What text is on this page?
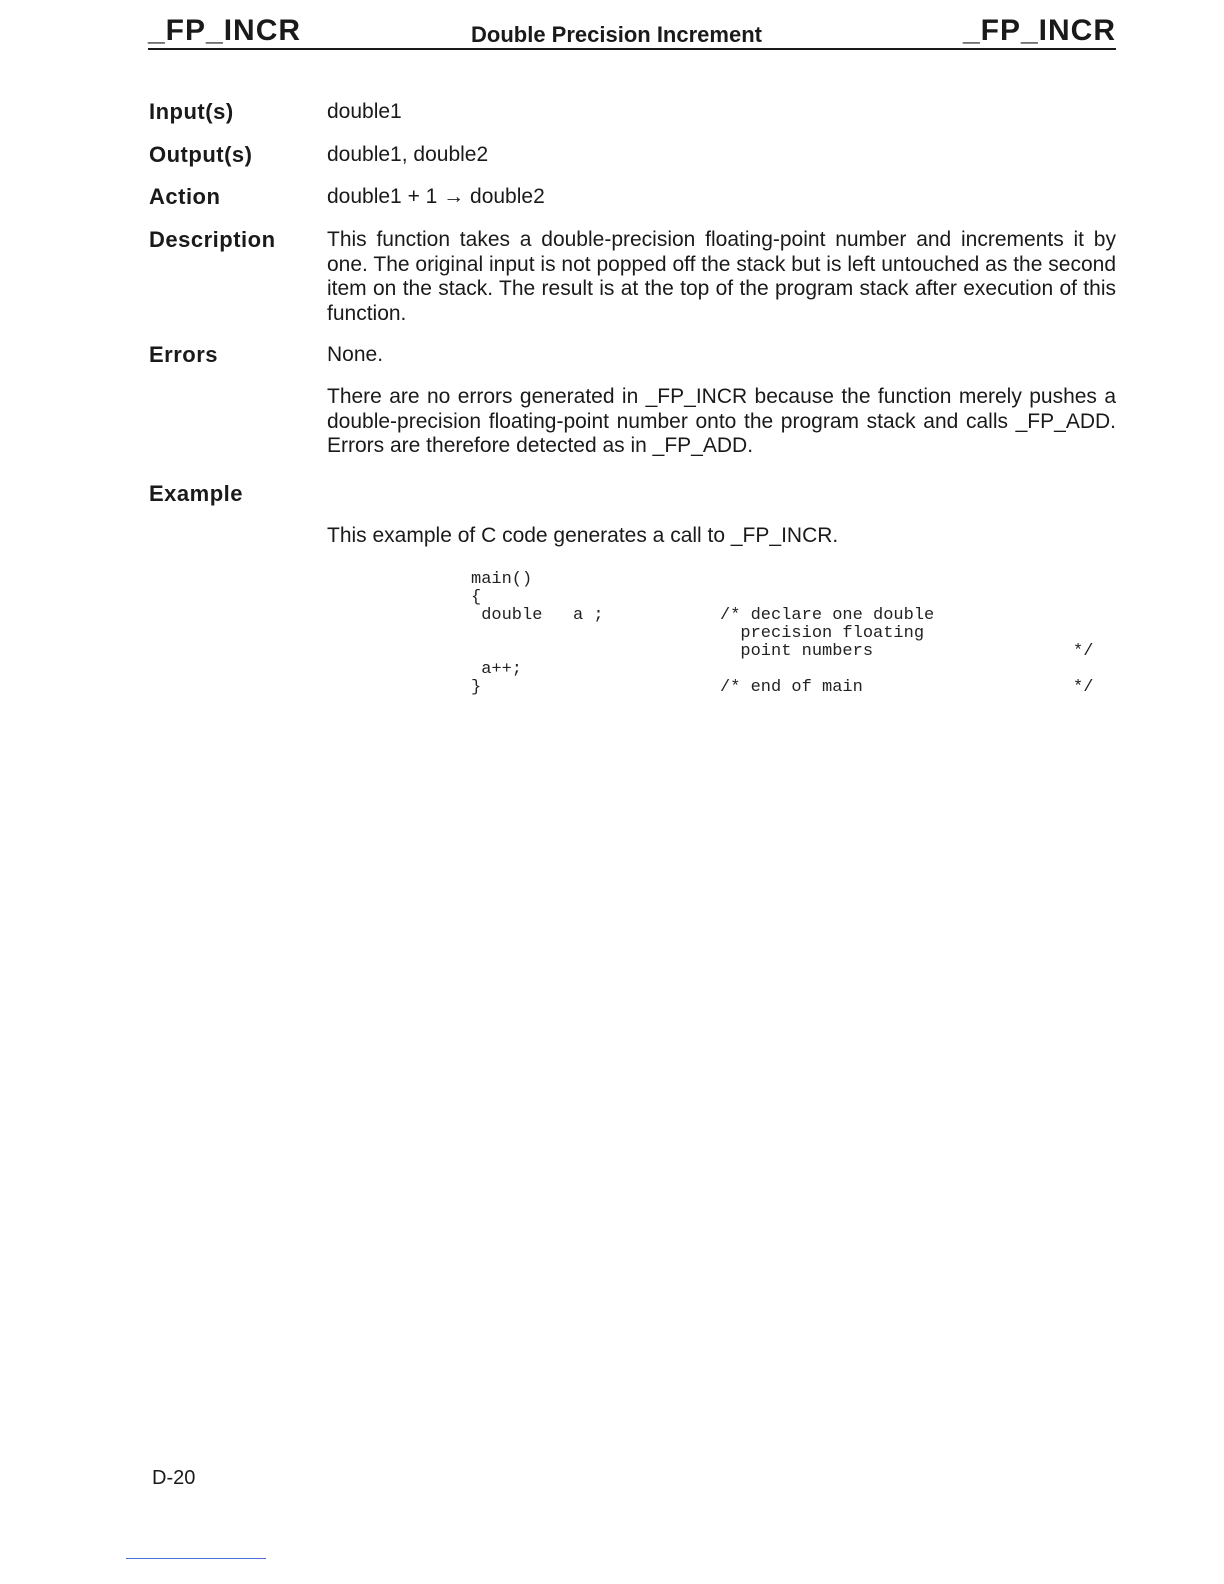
_FP_INCR	Double Precision Increment	_FP_INCR
Input(s)	double1
Output(s)	double1, double2
Action	double1 + 1 → double2
Description This function takes a double-precision floating-point number and increments it by one. The original input is not popped off the stack but is left untouched as the second item on the stack. The result is at the top of the program stack after execution of this function.
Errors	None.
There are no errors generated in _FP_INCR because the function merely pushes a double-precision floating-point number onto the program stack and calls _FP_ADD. Errors are therefore detected as in _FP_ADD.
Example
This example of C code generates a call to _FP_INCR.
main()
{
double   a ;
a++;
}
/* declare one double
precision floating
point numbers	*/
/* end of main	*/
D-20
